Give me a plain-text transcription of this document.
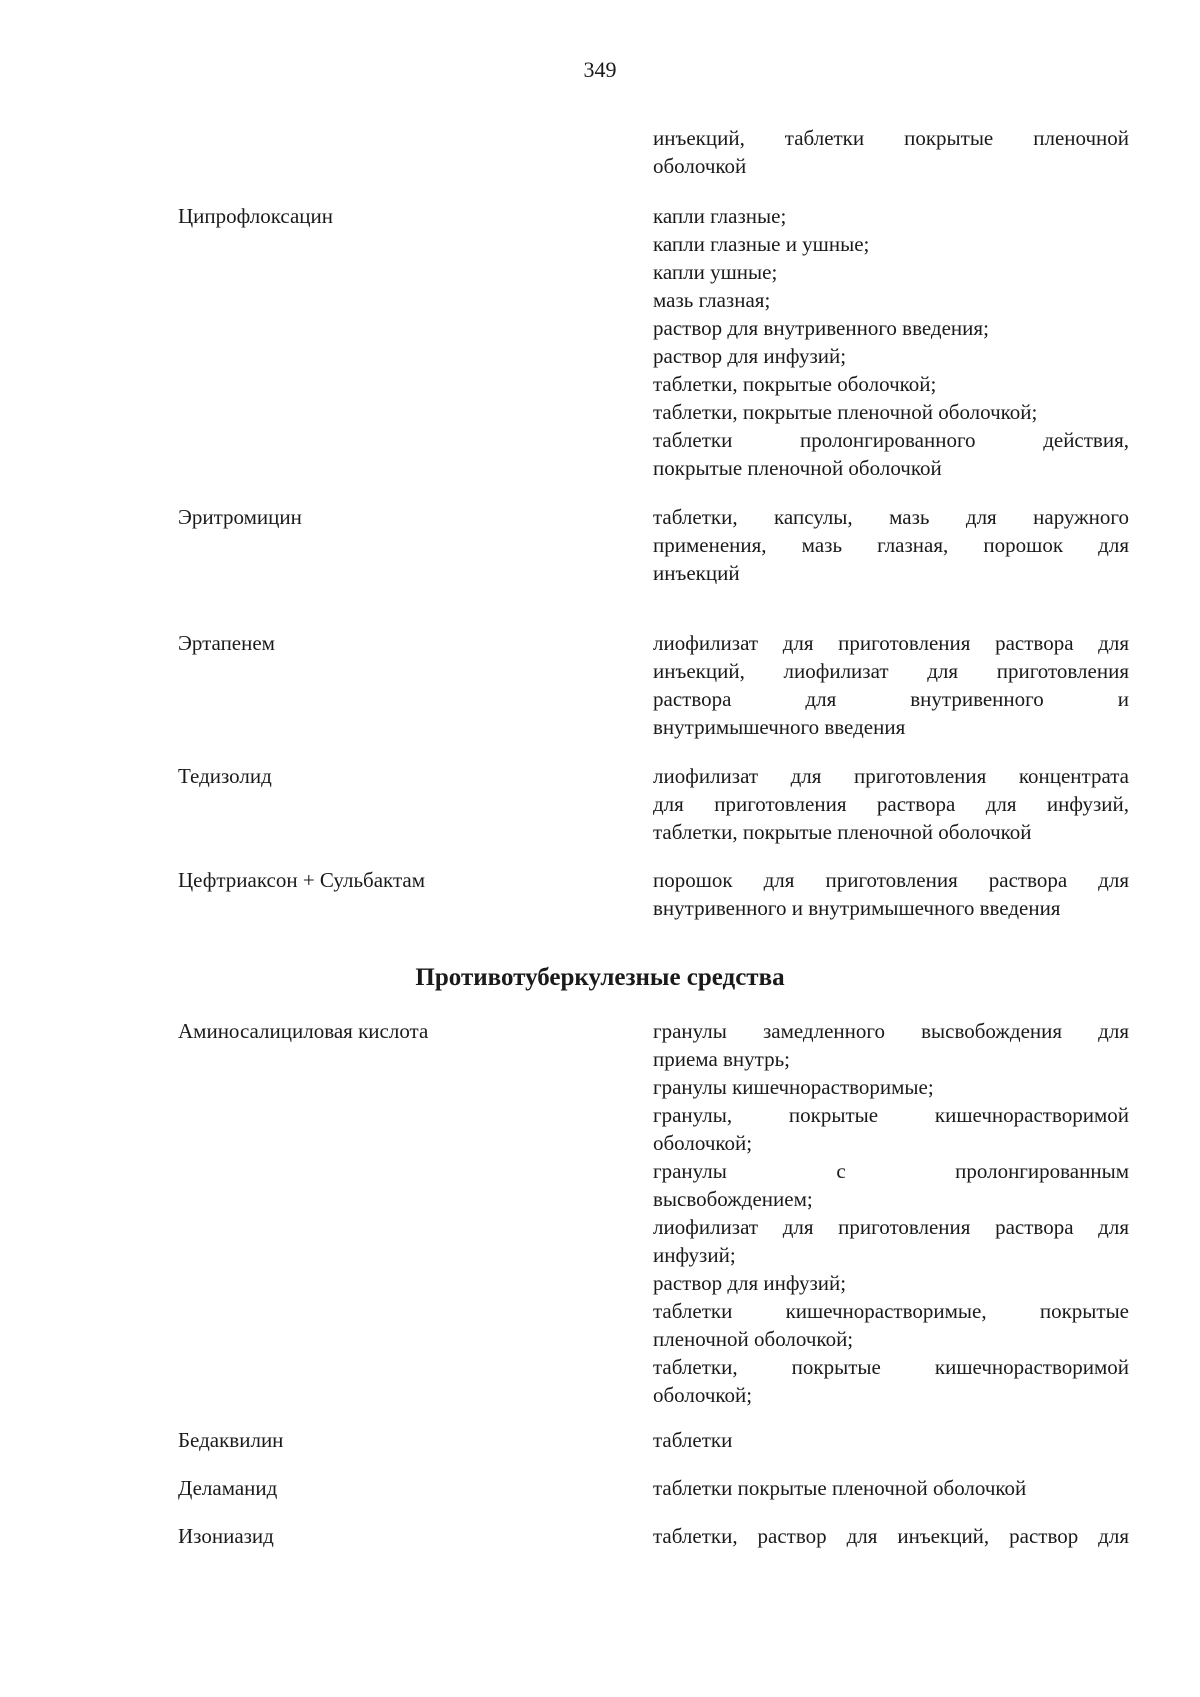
349
инъекций, таблетки покрытые пленочной
оболочкой
Ципрофлоксацин	капли глазные;
капли глазные и ушные;
капли ушные;
мазь глазная;
раствор для внутривенного введения;
раствор для инфузий;
таблетки, покрытые оболочкой;
таблетки, покрытые пленочной оболочкой;
таблетки пролонгированного действия,
покрытые пленочной оболочкой
Эритромицин	таблетки, капсулы, мазь для наружного
применения, мазь глазная, порошок для
инъекций
Эртапенем	лиофилизат для приготовления раствора для
инъекций, лиофилизат для приготовления
раствора для внутривенного и
внутримышечного введения
Тедизолид	лиофилизат для приготовления концентрата
для приготовления раствора для инфузий,
таблетки, покрытые пленочной оболочкой
Цефтриаксон + Сульбактам	порошок для приготовления раствора для
внутривенного и внутримышечного введения
Противотуберкулезные средства
Аминосалициловая кислота	гранулы замедленного высвобождения для
приема внутрь;
гранулы кишечнорастворимые;
гранулы, покрытые кишечнорастворимой
оболочкой;
гранулы с пролонгированным
высвобождением;
лиофилизат для приготовления раствора для
инфузий;
раствор для инфузий;
таблетки кишечнорастворимые, покрытые
пленочной оболочкой;
таблетки, покрытые кишечнорастворимой
оболочкой;
Бедаквилин	таблетки
Деламанид	таблетки покрытые пленочной оболочкой
Изониазид	таблетки, раствор для инъекций, раствор для
